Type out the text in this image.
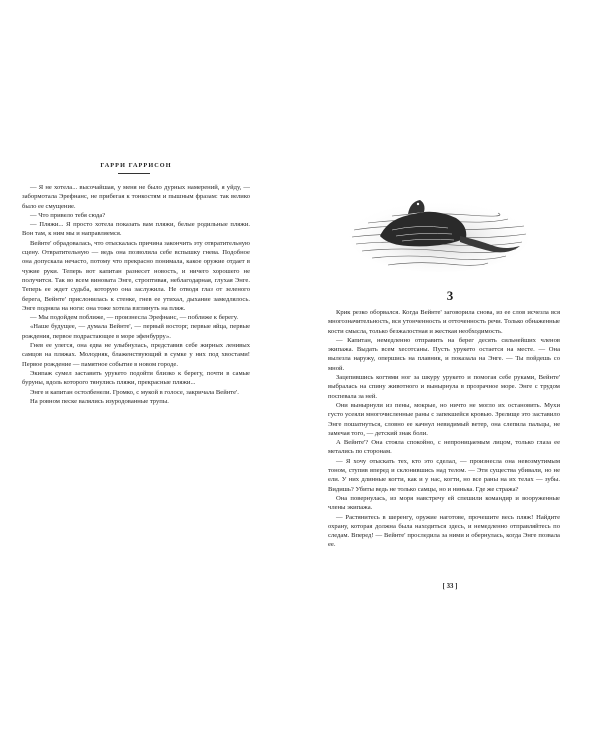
ГАРРИ ГАРРИСОН

— Я не хотела... высочайшая, у меня не было дурных намерений, я уйду, — забормотала Эрефнанс, не прибегая к тонкостям и пышным фразам: так велико было ее смущение.

— Что привело тебя сюда?

— Пляжи... Я просто хотела показать вам пляжи, белые родильные пляжи. Вон там, к ним мы и направляемся.

Вейнте' обрадовалась, что отыскалась причина закончить эту отвратительную сцену. Отвратительную — ведь она позволила себе вспышку гнева. Подобное она допускала нечасто, потому что прекрасно понимала, какое оружие отдает в чужие руки. Теперь вот капитан разнесет новость, и ничего хорошего не получится. Так во всем виновата Энге, строптивая, неблагодарная, глухая Энге. Теперь ее ждет судьба, которую она заслужила. Не отводя глаз от зеленого берега, Вейнте' прислонилась к стенке, гнев ее утихал, дыхание замедлялось. Энге подняла на ноги: она тоже хотела взглянуть на пляж.

— Мы подойдем поближе, — произнесла Эрефнанс, — поближе к берегу.

«Наше будущее, — думала Вейнте', — первый восторг, первые яйца, первые рождения, первое подрастающее в море эфенбурру».

Гнев ее улегся, она едва не улыбнулась, представив себе жирных ленивых самцов на пляжах. Молодняк, блаженствующий в сумке у них под хвостами! Первое рождение — памятное событие в новом городе.

Экипаж сумел заставить урукето подойти близко к берегу, почти в самые буруны, вдоль которого тянулись пляжи, прекрасные пляжи...

Энге и капитан остолбенели. Громко, с мукой в голосе, закричала Вейнте'.

На ровном песке валялись изуродованные трупы.

3

Крик резко оборвался. Когда Вейнте' заговорила снова, из ее слов исчезла вся многозначительность, вся утонченность и отточенность речи. Только обнаженные кости смысла, только безжалостная и жесткая необходимость.

— Капитан, немедленно отправить на берег десять сильнейших членов экипажа. Выдать всем хесотсаны. Пусть урукето остается на месте. — Она вылезла наружу, опершись на плавник, и показала на Энге. — Ты пойдешь со мной.

Зацепившись когтями ног за шкуру урукето и помогая себе руками, Вейнте' выбралась на спину животного и вынырнула в прозрачное море. Энге с трудом поспевала за ней.

Они вынырнули из пены, мокрые, но ничто не могло их остановить. Мухи густо усеяли многочисленные раны с запекшейся кровью. Зрелище это заставило Энге пошатнуться, словно ее качнул невидимый ветер, она слепила пальцы, не замечая того, — детский знак боли.

А Вейнте'? Она стояла спокойно, с непроницаемым лицом, только глаза ее метались по сторонам.

— Я хочу отыскать тех, кто это сделал, — произнесла она невозмутимым тоном, ступив вперед и склонившись над телом. — Эти существа убивали, но не ели. У них длинные когти, как и у нас, когти, но все раны на их телах — зубы. Видишь? Убиты ведь не только самцы, но и нинька. Где же стража?

Она повернулась, из моря навстречу ей спешили командир и вооруженные члены экипажа.

— Растянитесь в шеренгу, оружие наготове, прочешите весь пляж! Найдите охрану, которая должна была находиться здесь, и немедленно отправляйтесь по следам. Вперед! — Вейнте' проследила за ними и обернулась, когда Энге позвала ее.

[ 33 ]
